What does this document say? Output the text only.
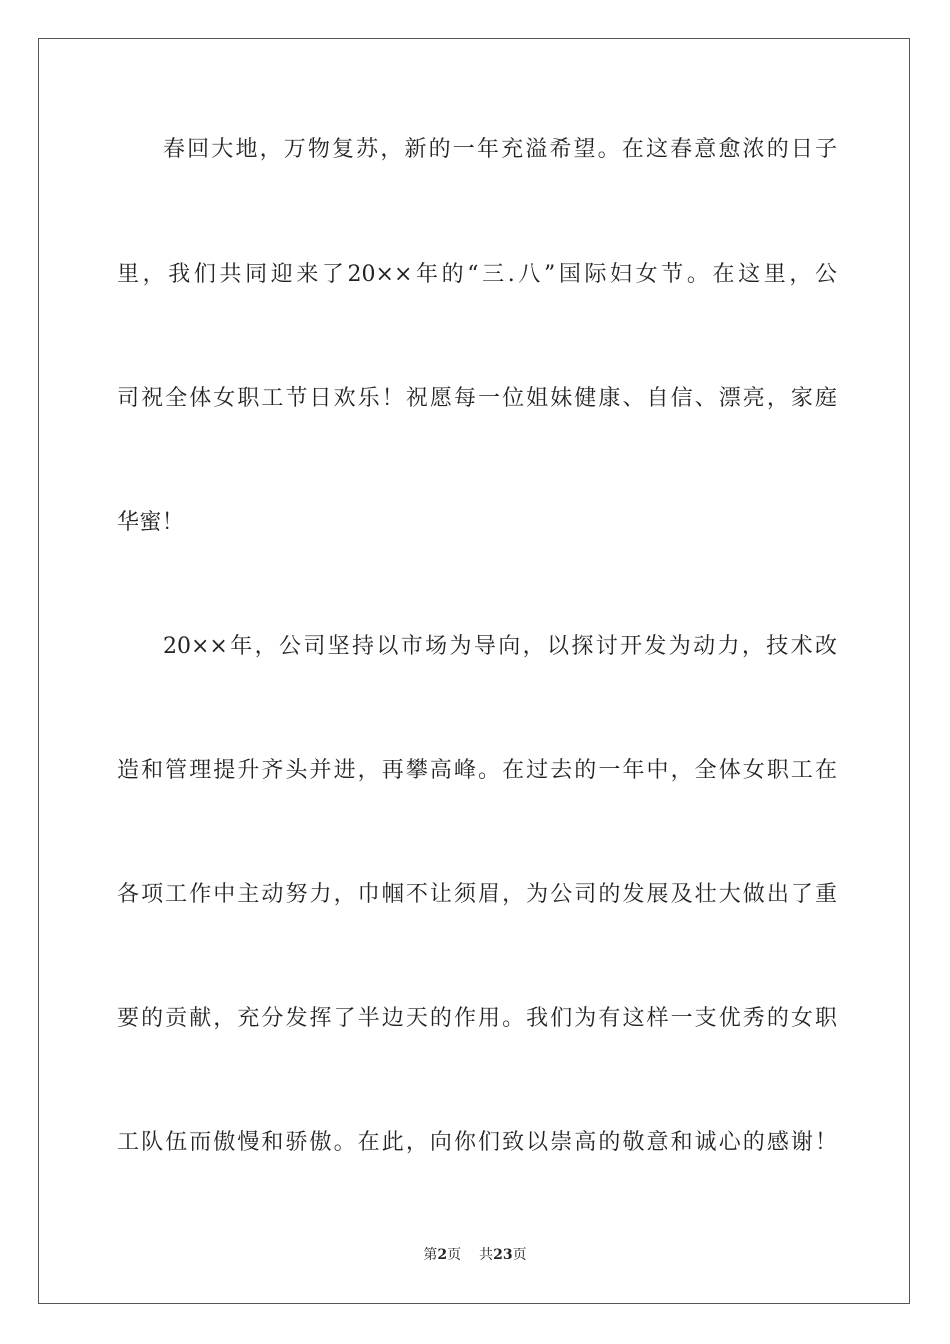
春回大地，万物复苏，新的一年充溢希望。在这春意愈浓的日子
里，我们共同迎来了20××年的“三.八”国际妇女节。在这里，公
司祝全体女职工节日欢乐！祝愿每一位姐妹健康、自信、漂亮，家庭
华蜜！
20××年，公司坚持以市场为导向，以探讨开发为动力，技术改
造和管理提升齐头并进，再攀高峰。在过去的一年中，全体女职工在
各项工作中主动努力，巾帼不让须眉，为公司的发展及壮大做出了重
要的贡献，充分发挥了半边天的作用。我们为有这样一支优秀的女职
工队伍而傲慢和骄傲。在此，向你们致以崇高的敬意和诚心的感谢！
第2页 共23页
